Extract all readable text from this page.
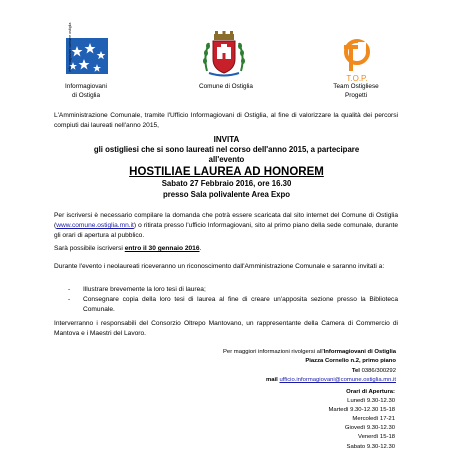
informagiovani comune ostiglia
Informagiovani
di Ostiglia
Comune di Ostiglia
T.O.P.
Team Ostigliese
Progetti
L'Amministrazione Comunale, tramite l'Ufficio Informagiovani di Ostiglia, al fine di valorizzare la qualità dei percorsi compiuti dai laureati nell'anno 2015,
INVITA
gli ostigliesi che si sono laureati nel corso dell'anno 2015, a partecipare
all'evento
HOSTILIAE LAUREA AD HONOREM
Sabato 27 Febbraio 2016, ore 16.30
presso Sala polivalente Area Expo
Per iscriversi è necessario compilare la domanda che potrà essere scaricata dal sito internet del Comune di Ostiglia (www.comune.ostiglia.mn.it) o ritirata presso l'ufficio Informagiovani, sito al primo piano della sede comunale, durante gli orari di apertura al pubblico.
Sarà possibile iscriversi entro il 30 gennaio 2016.
Durante l'evento i neolaureati riceveranno un riconoscimento dall'Amministrazione Comunale e saranno invitati a:
- Illustrare brevemente la loro tesi di laurea;
- Consegnare copia della loro tesi di laurea al fine di creare un'apposita sezione presso la Biblioteca Comunale.
Interverranno i responsabili del Consorzio Oltrepo Mantovano, un rappresentante della Camera di Commercio di Mantova e i Maestri del Lavoro.
Per maggiori informazioni rivolgersi all'Informagiovani di Ostiglia
Piazza Cornelio n.2, primo piano
Tel 0386/300292
mail ufficio.informagiovani@comune.ostiglia.mn.it
Orari di Apertura:
Lunedì 9.30-12.30
Martedì 9.30-12.30 15-18
Mercoledì 17-21
Giovedì 9.30-12.30
Venerdì 15-18
Sabato 9.30-12.30
